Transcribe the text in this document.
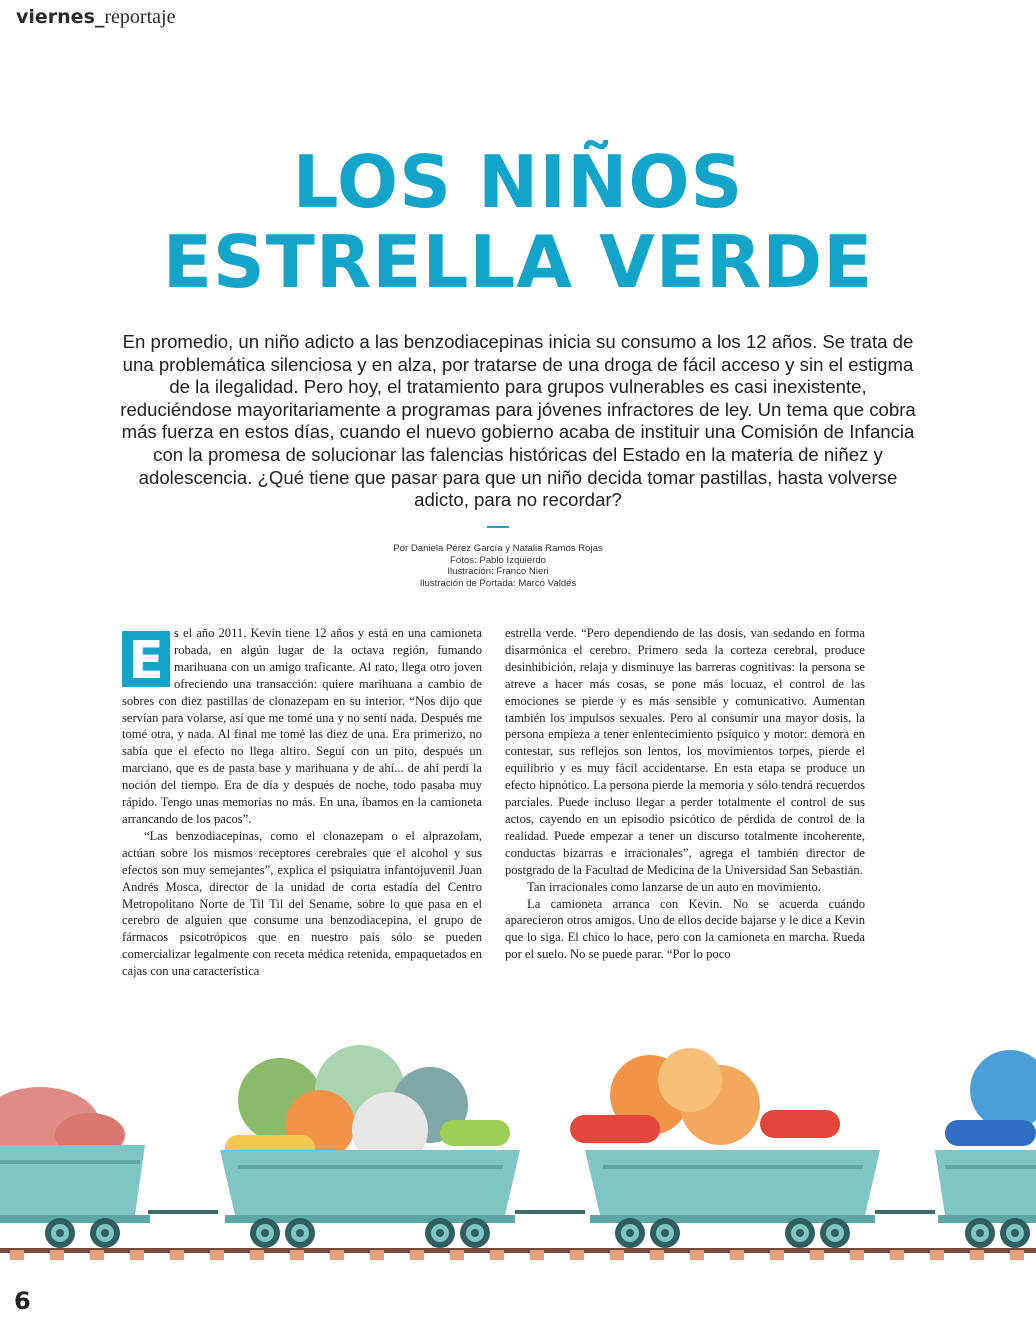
viernes_reportaje
LOS NIÑOS
ESTRELLA VERDE

En promedio, un niño adicto a las benzodiacepinas inicia su consumo a los 12 años. Se trata de una problemática silenciosa y en alza, por tratarse de una droga de fácil acceso y sin el estigma de la ilegalidad. Pero hoy, el tratamiento para grupos vulnerables es casi inexistente, reduciéndose mayoritariamente a programas para jóvenes infractores de ley. Un tema que cobra más fuerza en estos días, cuando el nuevo gobierno acaba de instituir una Comisión de Infancia con la promesa de solucionar las falencias históricas del Estado en la materia de niñez y adolescencia. ¿Qué tiene que pasar para que un niño decida tomar pastillas, hasta volverse adicto, para no recordar?

Por Daniela Pérez García y Natalia Ramos Rojas
Fotos: Pablo Izquierdo
Ilustración: Franco Nieri
Ilustración de Portada: Marco Valdés
E s el año 2011. Kevin tiene 12 años y está en una camioneta robada, en algún lugar de la octava región, fumando marihuana con un amigo traficante. Al rato, llega otro joven ofreciendo una transacción: quiere marihuana a cambio de sobres con diez pastillas de clonazepam en su interior. “Nos dijo que servían para volarse, así que me tomé una y no sentí nada. Después me tomé otra, y nada. Al final me tomé las diez de una. Era primerizo, no sabía que el efecto no llega altiro. Seguí con un pito, después un marciano, que es de pasta base y marihuana y de ahí... de ahí perdí la noción del tiempo. Era de día y después de noche, todo pasaba muy rápido. Tengo unas memorias no más. En una, íbamos en la camioneta arrancando de los pacos”.

“Las benzodiacepinas, como el clonazepam o el alprazolam, actúan sobre los mismos receptores cerebrales que el alcohol y sus efectos son muy semejantes”, explica el psiquiatra infantojuvenil Juan Andrés Mosca, director de la unidad de corta estadía del Centro Metropolitano Norte de Til Til del Sename, sobre lo que pasa en el cerebro de alguien que consume una benzodiacepina, el grupo de fármacos psicotrópicos que en nuestro país sólo se pueden comercializar legalmente con receta médica retenida, empaquetados en cajas con una característica

estrella verde. “Pero dependiendo de las dosis, van sedando en forma disarmónica el cerebro. Primero seda la corteza cerebral, produce desinhibición, relaja y disminuye las barreras cognitivas: la persona se atreve a hacer más cosas, se pone más locuaz, el control de las emociones se pierde y es más sensible y comunicativo. Aumentan también los impulsos sexuales. Pero al consumir una mayor dosis, la persona empieza a tener enlentecimiento psíquico y motor: demora en contestar, sus reflejos son lentos, los movimientos torpes, pierde el equilibrio y es muy fácil accidentarse. En esta etapa se produce un efecto hipnótico. La persona pierde la memoria y sólo tendrá recuerdos parciales. Puede incluso llegar a perder totalmente el control de sus actos, cayendo en un episodio psicótico de pérdida de control de la realidad. Puede empezar a tener un discurso totalmente incoherente, conductas bizarras e irracionales”, agrega el también director de postgrado de la Facultad de Medicina de la Universidad San Sebastián.

Tan irracionales como lanzarse de un auto en movimiento.

La camioneta arranca con Kevin. No se acuerda cuándo aparecieron otros amigos. Uno de ellos decide bajarse y le dice a Kevin que lo siga. El chico lo hace, pero con la camioneta en marcha. Rueda por el suelo. No se puede parar. “Por lo poco

6
